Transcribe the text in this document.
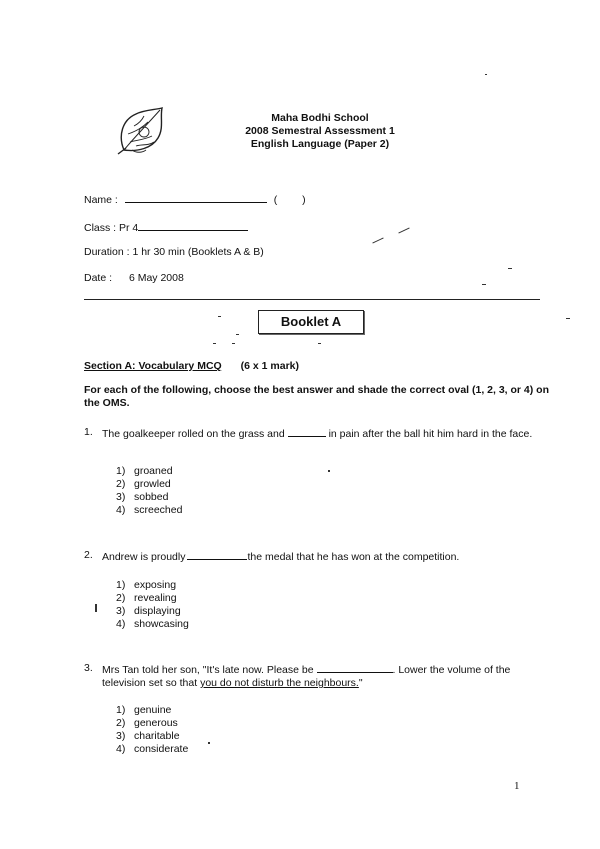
Maha Bodhi School
2008 Semestral Assessment 1
English Language (Paper 2)
Name :	( )
Class : Pr 4
Duration : 1 hr 30 min (Booklets A & B)
Date : 6 May 2008
Booklet A
Section A: Vocabulary MCQ (6 x 1 mark)
For each of the following, choose the best answer and shade the correct oval (1, 2, 3, or 4) on the OMS.
1. The goalkeeper rolled on the grass and	in pain after the ball hit him hard in the face.
1) groaned
2) growled
3) sobbed
4) screeched
2. Andrew is proudly	the medal that he has won at the competition.
1) exposing
2) revealing
3) displaying
4) showcasing
3. Mrs Tan told her son, "It's late now. Please be	. Lower the volume of the television set so that you do not disturb the neighbours."
1) genuine
2) generous
3) charitable
4) considerate
1
